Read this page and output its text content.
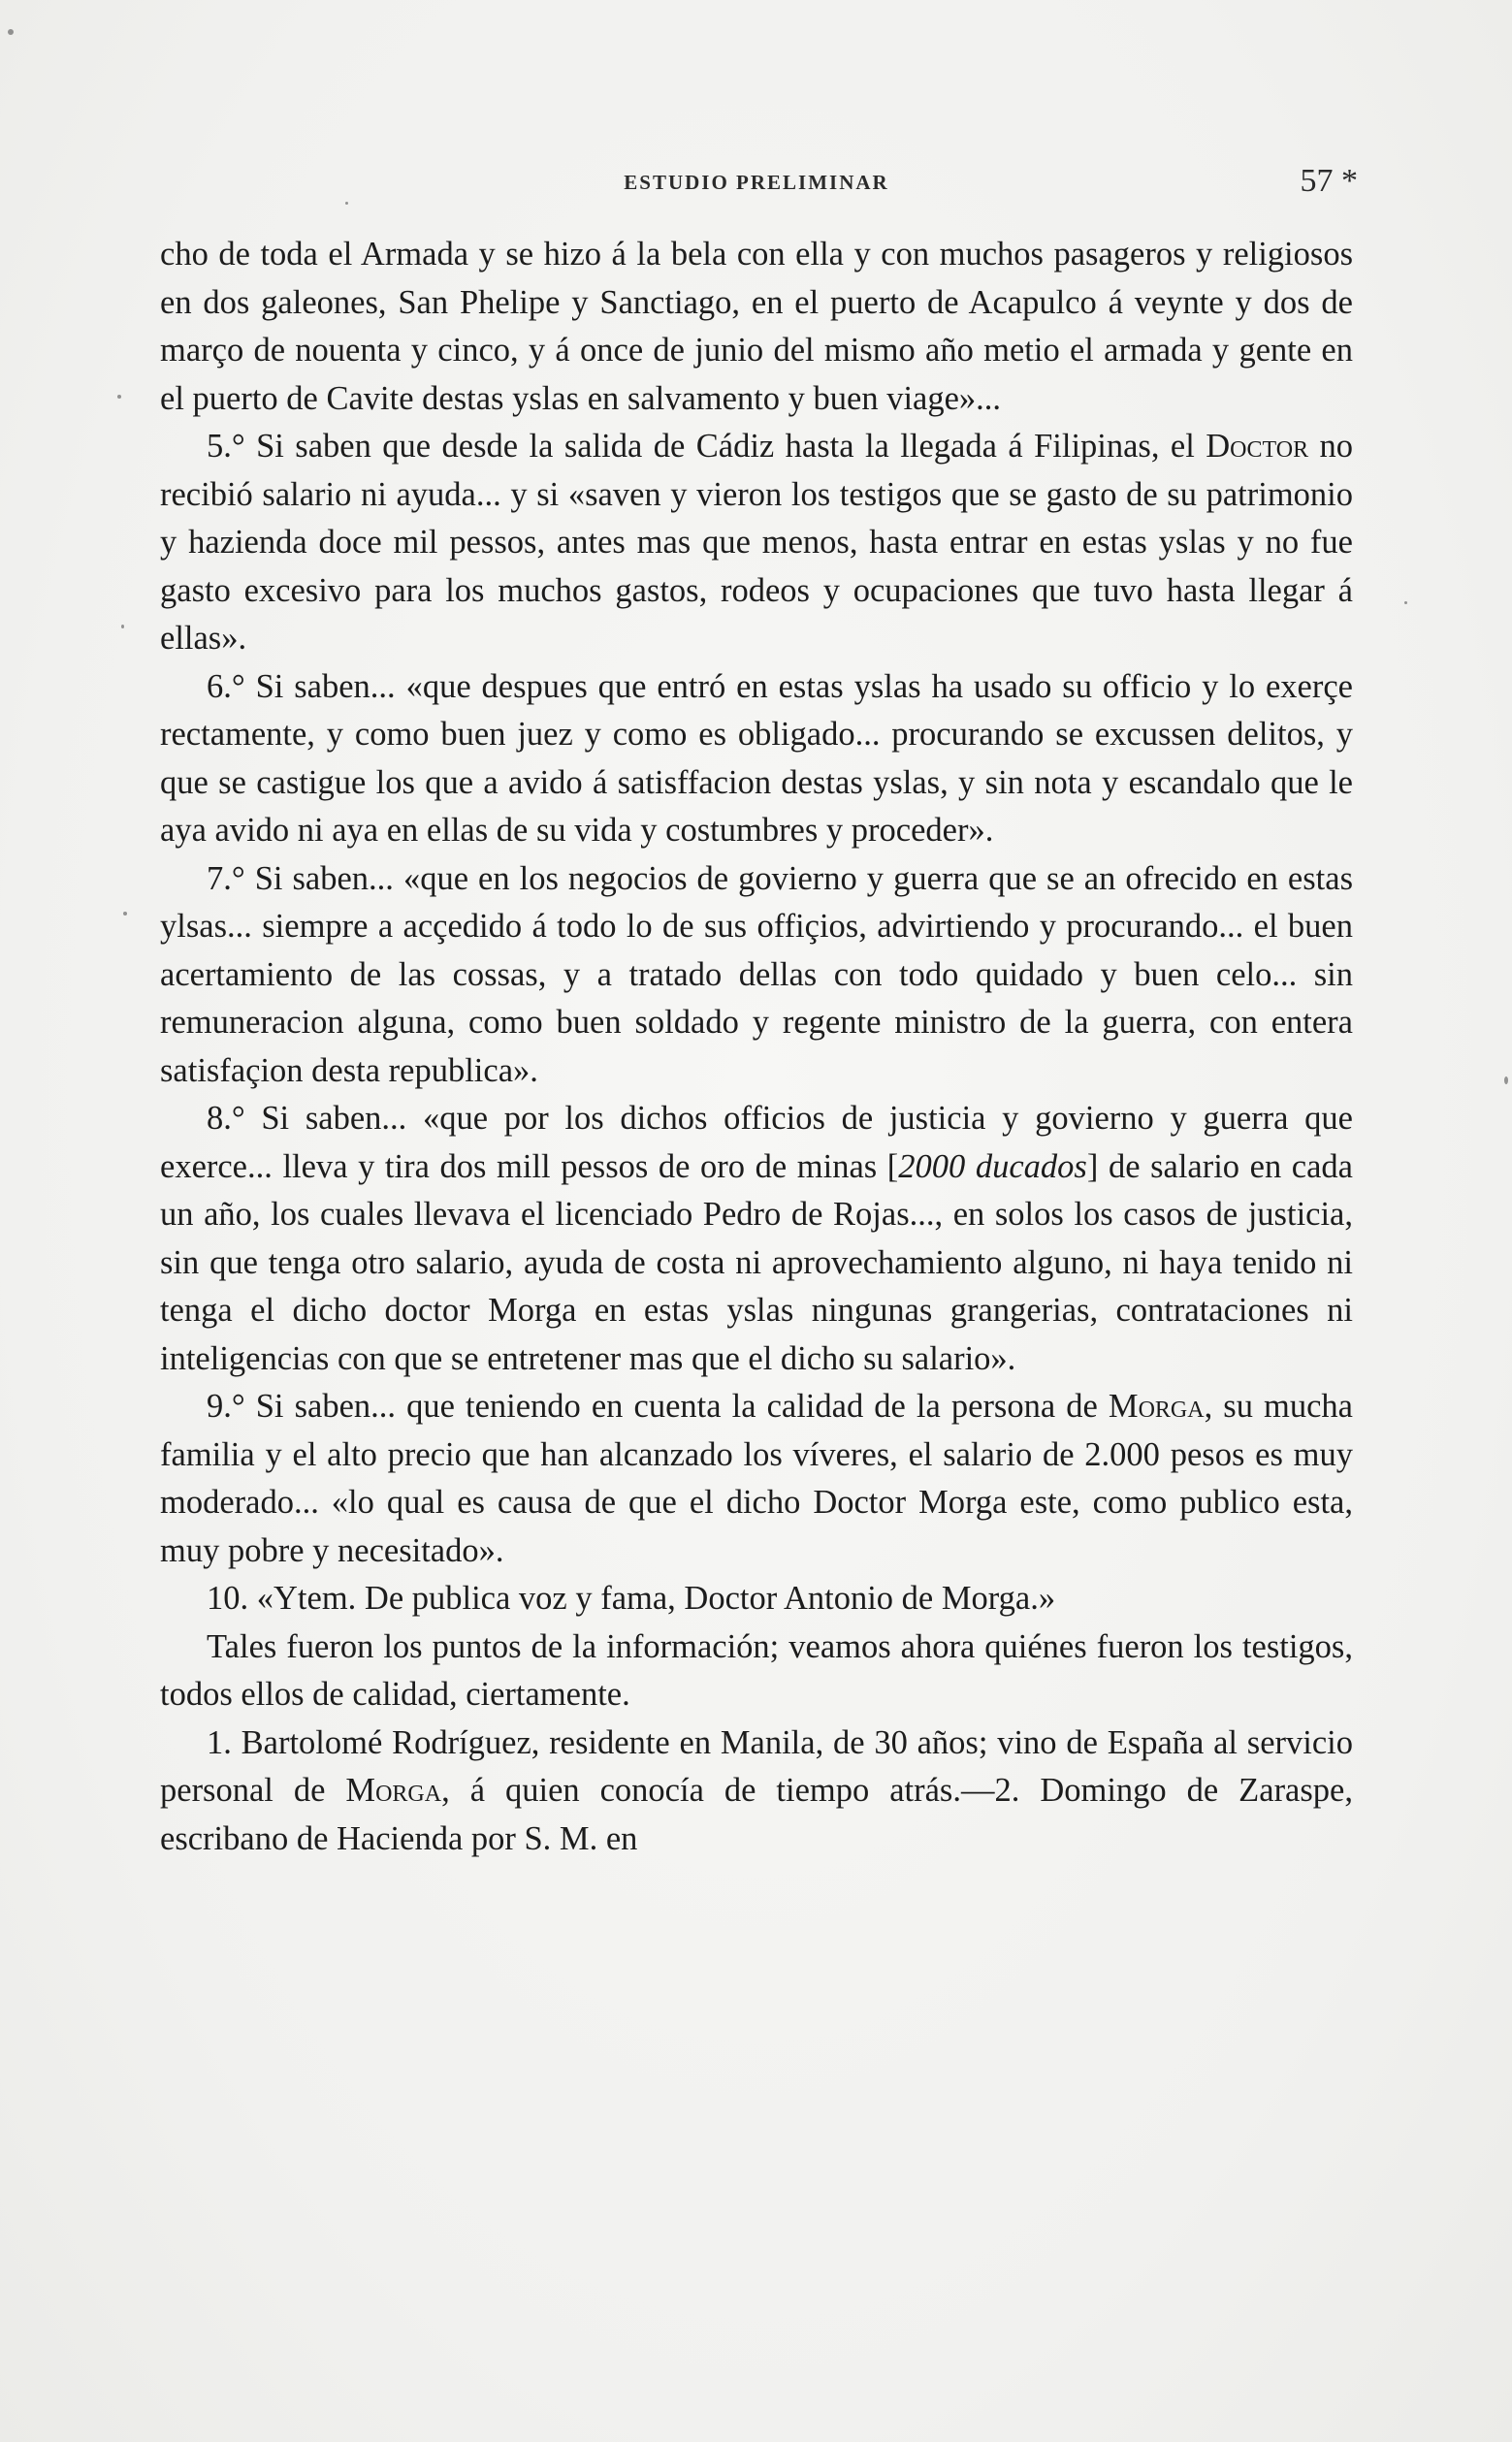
ESTUDIO PRELIMINAR	57 *

cho de toda el Armada y se hizo á la bela con ella y con muchos pasageros y religiosos en dos galeones, San Phelipe y Sanctiago, en el puerto de Acapulco á veynte y dos de março de nouenta y cinco, y á once de junio del mismo año metio el armada y gente en el puerto de Cavite destas yslas en salvamento y buen viage»...

5.° Si saben que desde la salida de Cádiz hasta la llegada á Filipinas, el Doctor no recibió salario ni ayuda... y si «saven y vieron los testigos que se gasto de su patrimonio y hazienda doce mil pessos, antes mas que menos, hasta entrar en estas yslas y no fue gasto excesivo para los muchos gastos, rodeos y ocupaciones que tuvo hasta llegar á ellas».

6.° Si saben... «que despues que entró en estas yslas ha usado su officio y lo exerçe rectamente, y como buen juez y como es obligado... procurando se excussen delitos, y que se castigue los que a avido á satisffacion destas yslas, y sin nota y escandalo que le aya avido ni aya en ellas de su vida y costumbres y proceder».

7.° Si saben... «que en los negocios de govierno y guerra que se an ofrecido en estas ylsas... siempre a acçedido á todo lo de sus offiçios, advirtiendo y procurando... el buen acertamiento de las cossas, y a tratado dellas con todo quidado y buen celo... sin remuneracion alguna, como buen soldado y regente ministro de la guerra, con entera satisfaçion desta republica».

8.° Si saben... «que por los dichos officios de justicia y govierno y guerra que exerce... lleva y tira dos mill pessos de oro de minas [2000 ducados] de salario en cada un año, los cuales llevava el licenciado Pedro de Rojas..., en solos los casos de justicia, sin que tenga otro salario, ayuda de costa ni aprovechamiento alguno, ni haya tenido ni tenga el dicho doctor Morga en estas yslas ningunas grangerias, contrataciones ni inteligencias con que se entretener mas que el dicho su salario».

9.° Si saben... que teniendo en cuenta la calidad de la persona de Morga, su mucha familia y el alto precio que han alcanzado los víveres, el salario de 2.000 pesos es muy moderado... «lo qual es causa de que el dicho Doctor Morga este, como publico esta, muy pobre y necesitado».

10. «Ytem. De publica voz y fama, Doctor Antonio de Morga.»

Tales fueron los puntos de la información; veamos ahora quiénes fueron los testigos, todos ellos de calidad, ciertamente.

1. Bartolomé Rodríguez, residente en Manila, de 30 años; vino de España al servicio personal de Morga, á quien conocía de tiempo atrás.—2. Domingo de Zaraspe, escribano de Hacienda por S. M. en
